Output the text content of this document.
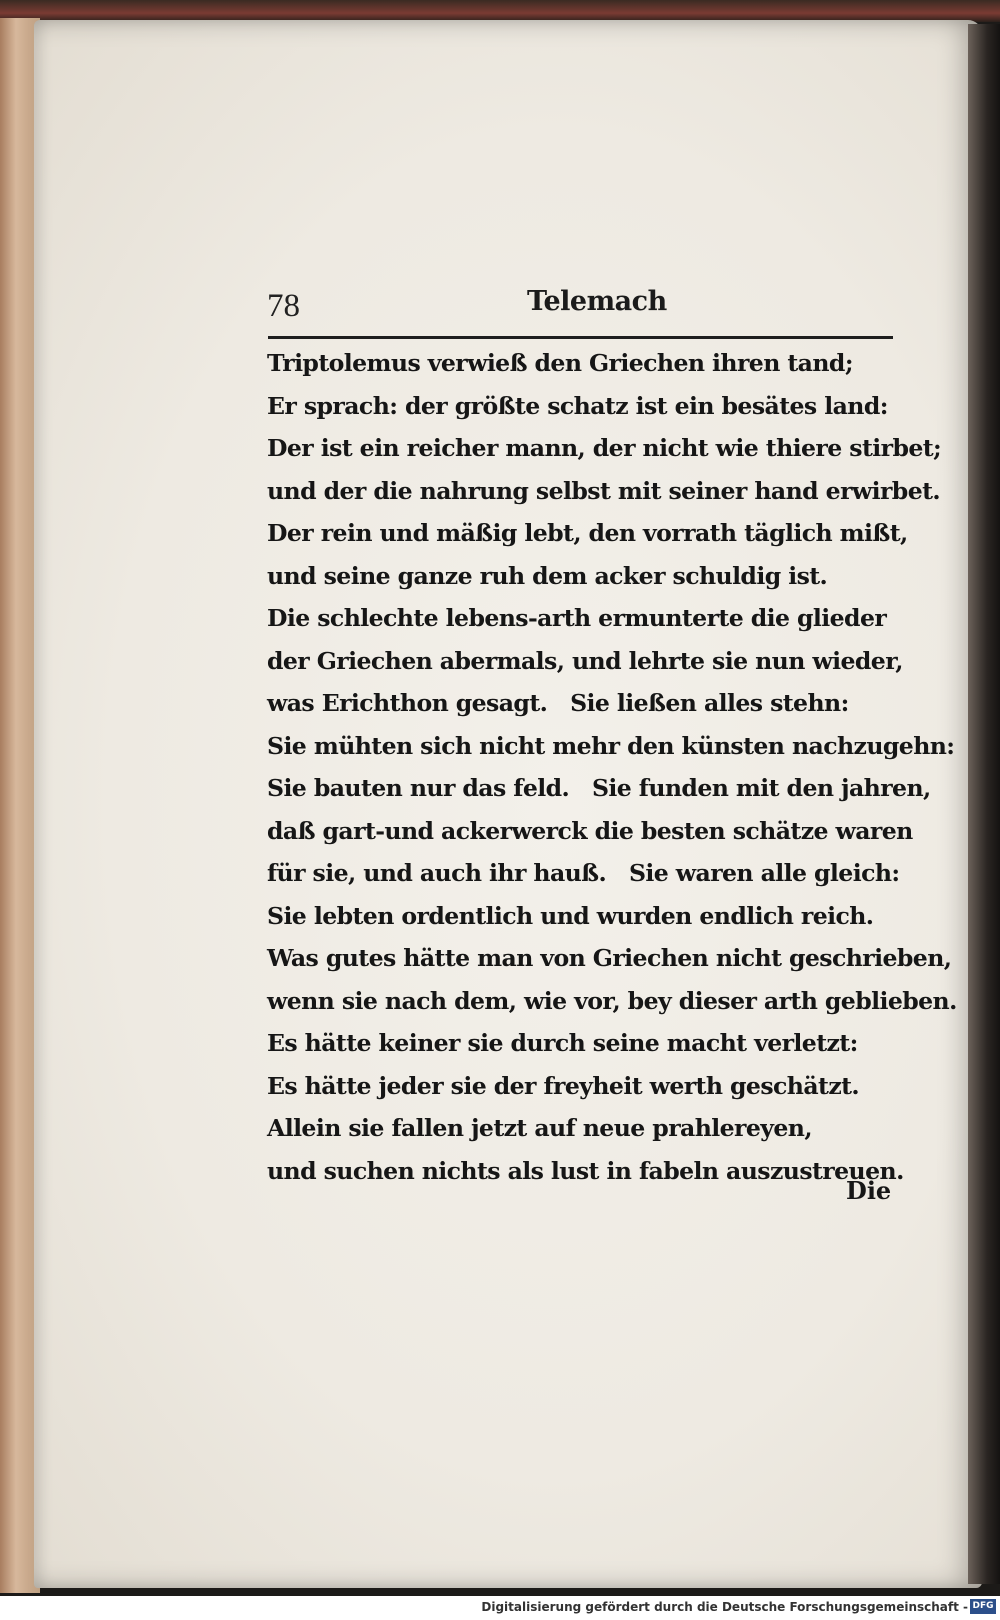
78	Telemach
Triptolemus verwieß den Griechen ihren tand;
Er sprach: der größte schatz ist ein besätes land:
Der ist ein reicher mann, der nicht wie thiere stirbet;
und der die nahrung selbst mit seiner hand erwirbet.
Der rein und mäßig lebt, den vorrath täglich mißt,
und seine ganze ruh dem acker schuldig ist.
Die schlechte lebens-arth ermunterte die glieder
der Griechen abermals, und lehrte sie nun wieder,
was Erichthon gesagt.   Sie ließen alles stehn:
Sie mühten sich nicht mehr den künsten nachzugehn:
Sie bauten nur das feld.   Sie funden mit den jahren,
daß gart-und ackerwerck die besten schätze waren
für sie, und auch ihr hauß.   Sie waren alle gleich:
Sie lebten ordentlich und wurden endlich reich.
Was gutes hätte man von Griechen nicht geschrieben,
wenn sie nach dem, wie vor, bey dieser arth geblieben.
Es hätte keiner sie durch seine macht verletzt:
Es hätte jeder sie der freyheit werth geschätzt.
Allein sie fallen jetzt auf neue prahlereyen,
und suchen nichts als lust in fabeln auszustreuen.
Die
Digitalisierung gefördert durch die Deutsche Forschungsgemeinschaft - DFG
